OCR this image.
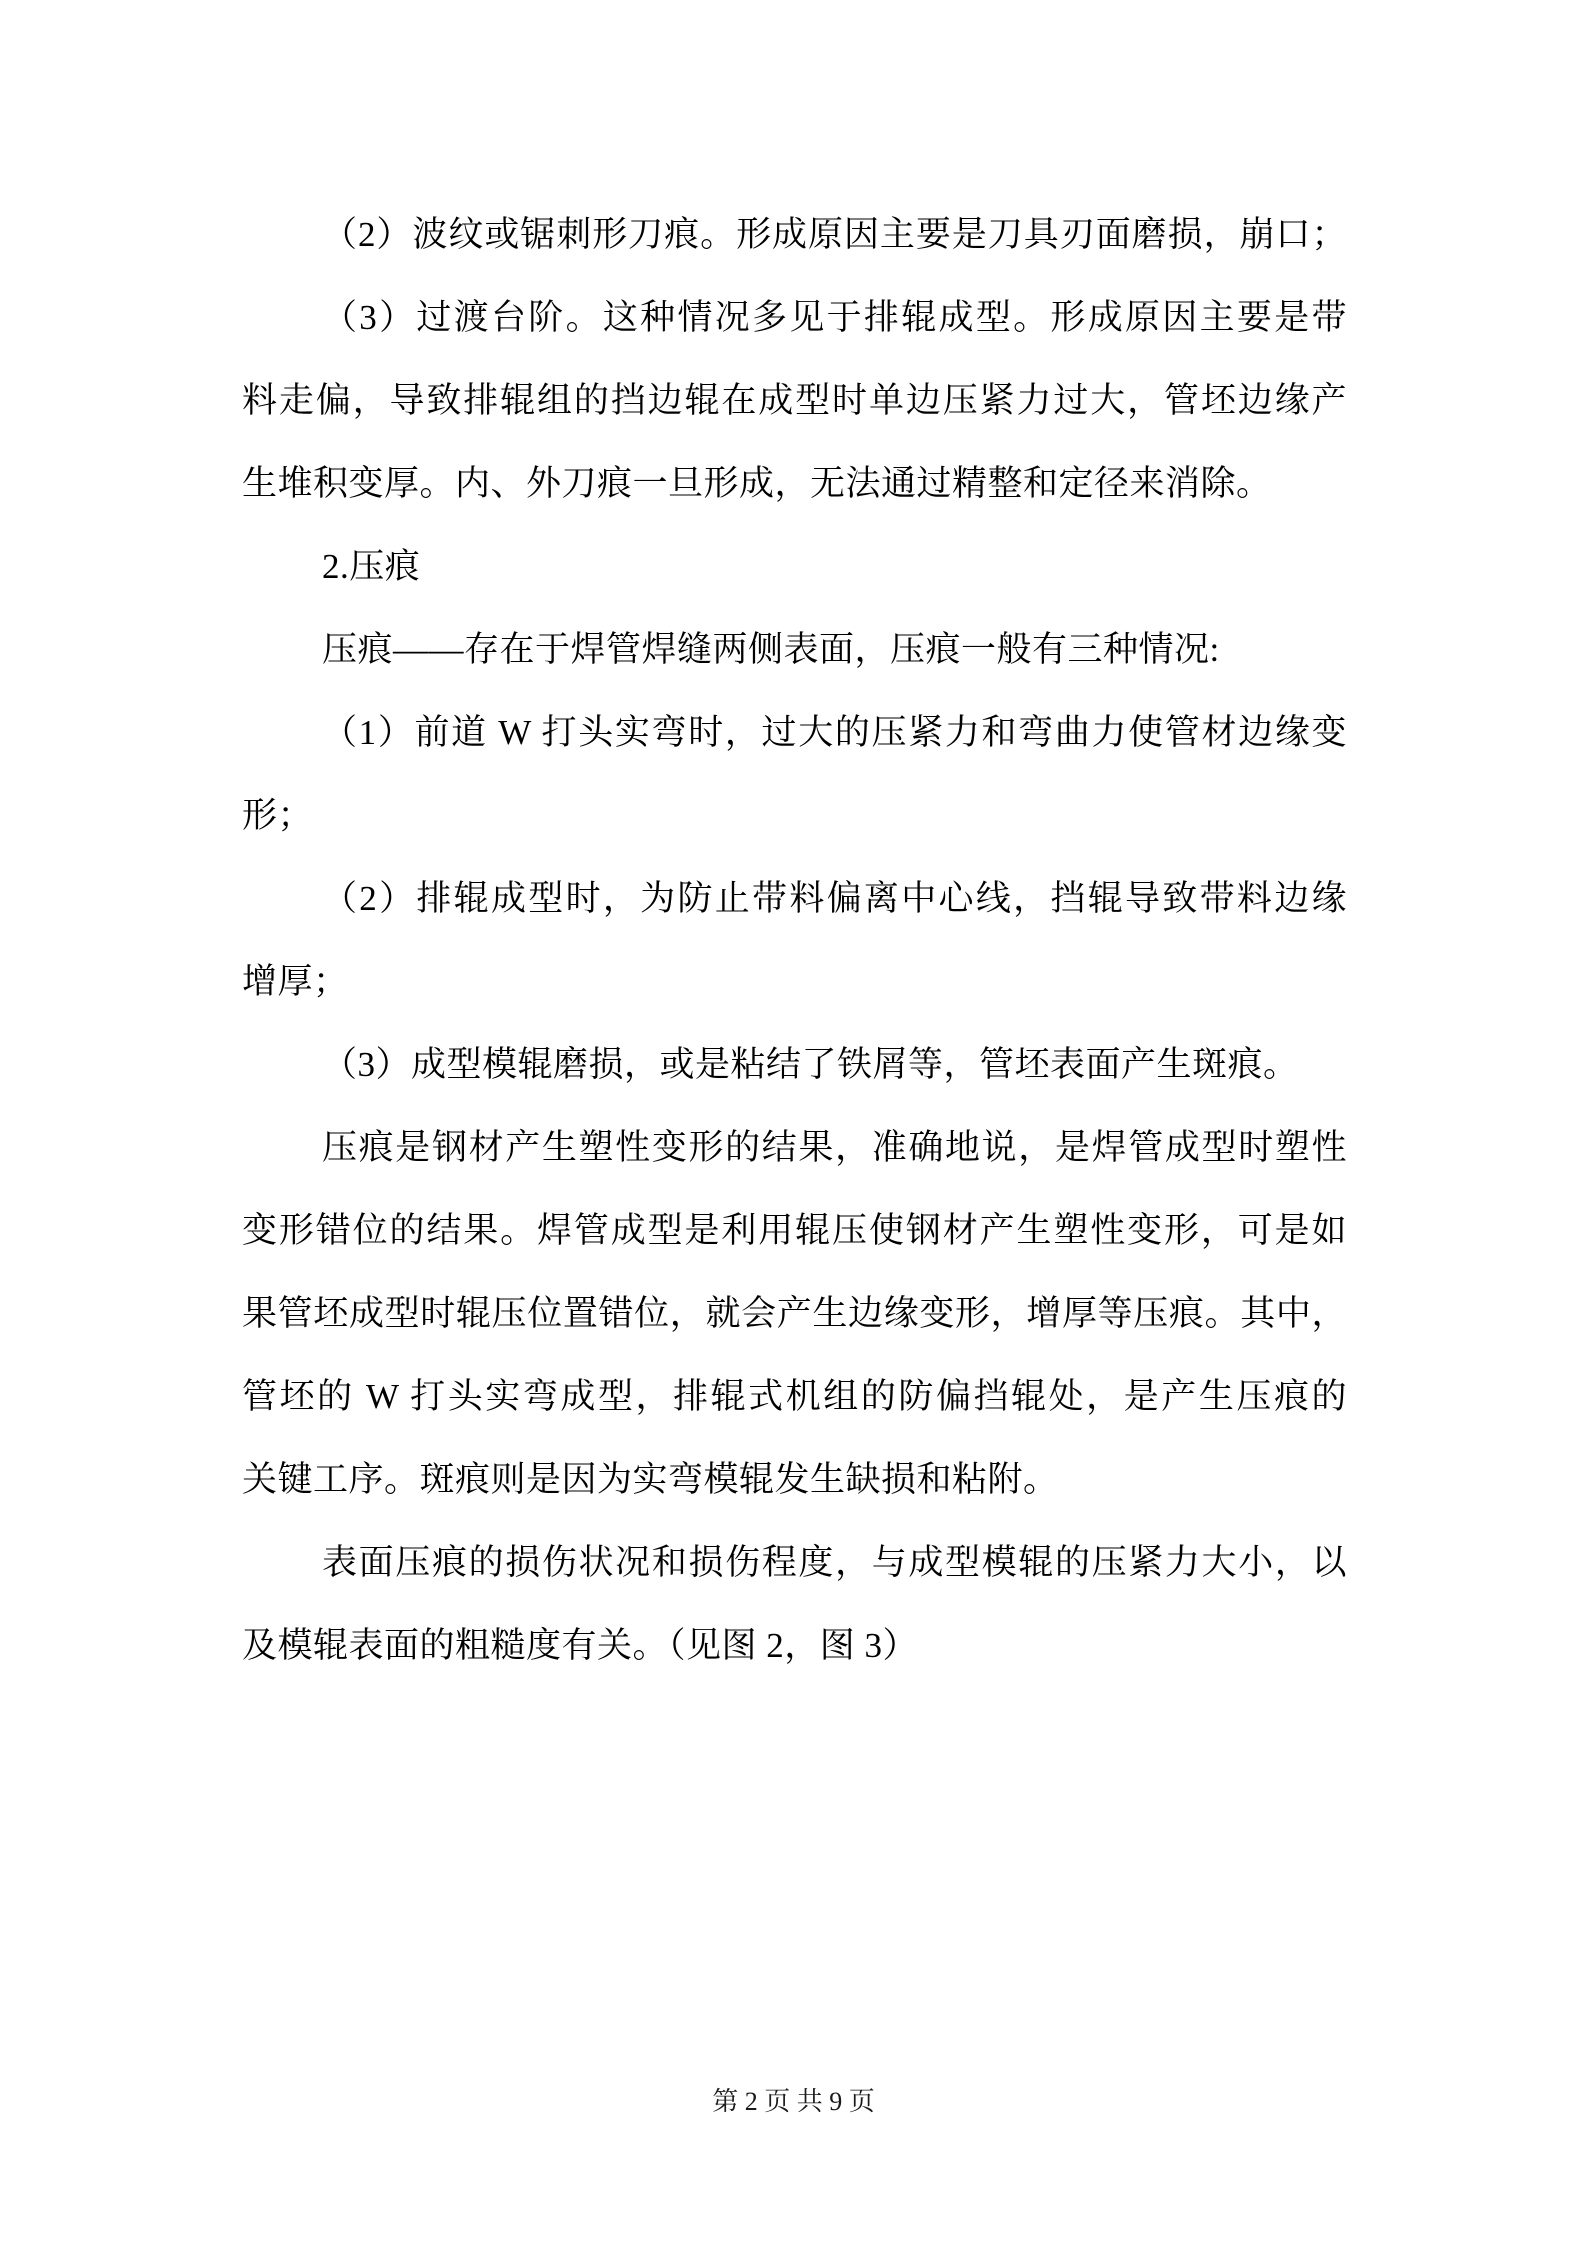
（2）波纹或锯刺形刀痕。形成原因主要是刀具刃面磨损，崩口；
（3）过渡台阶。这种情况多见于排辊成型。形成原因主要是带
料走偏，导致排辊组的挡边辊在成型时单边压紧力过大，管坯边缘产
生堆积变厚。内、外刀痕一旦形成，无法通过精整和定径来消除。
2.压痕
压痕——存在于焊管焊缝两侧表面，压痕一般有三种情况:
（1）前道 W 打头实弯时，过大的压紧力和弯曲力使管材边缘变
形；
（2）排辊成型时，为防止带料偏离中心线，挡辊导致带料边缘
增厚；
（3）成型模辊磨损，或是粘结了铁屑等，管坯表面产生斑痕。
压痕是钢材产生塑性变形的结果，准确地说，是焊管成型时塑性
变形错位的结果。焊管成型是利用辊压使钢材产生塑性变形，可是如
果管坯成型时辊压位置错位，就会产生边缘变形，增厚等压痕。其中，
管坯的 W 打头实弯成型，排辊式机组的防偏挡辊处，是产生压痕的
关键工序。斑痕则是因为实弯模辊发生缺损和粘附。
表面压痕的损伤状况和损伤程度，与成型模辊的压紧力大小，以
及模辊表面的粗糙度有关。（见图 2，图 3）
第 2 页 共 9 页
